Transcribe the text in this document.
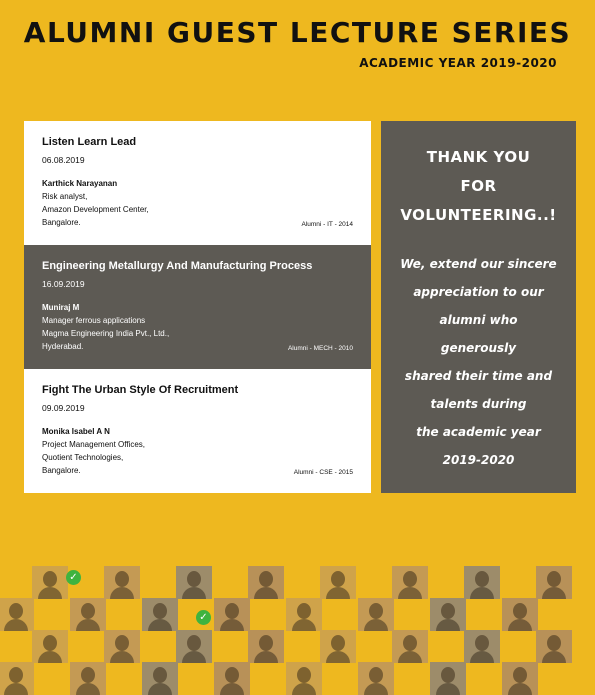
ALUMNI GUEST LECTURE SERIES
ACADEMIC YEAR 2019-2020
Listen Learn Lead
06.08.2019
Karthick Narayanan
Risk analyst,
Amazon Development Center,
Bangalore.	Alumni - IT - 2014
Engineering Metallurgy And Manufacturing Process
16.09.2019
Muniraj M
Manager ferrous applications
Magma Engineering India Pvt., Ltd.,
Hyderabad.	Alumni - MECH - 2010
Fight The Urban Style Of Recruitment
09.09.2019
Monika Isabel A N
Project Management Offices,
Quotient Technologies,
Bangalore.	Alumni - CSE - 2015
THANK YOU
FOR
VOLUNTEERING..!
We, extend our sincere
appreciation to our
alumni who
generously
shared their time and
talents during
the academic year
2019-2020
✓
✓
